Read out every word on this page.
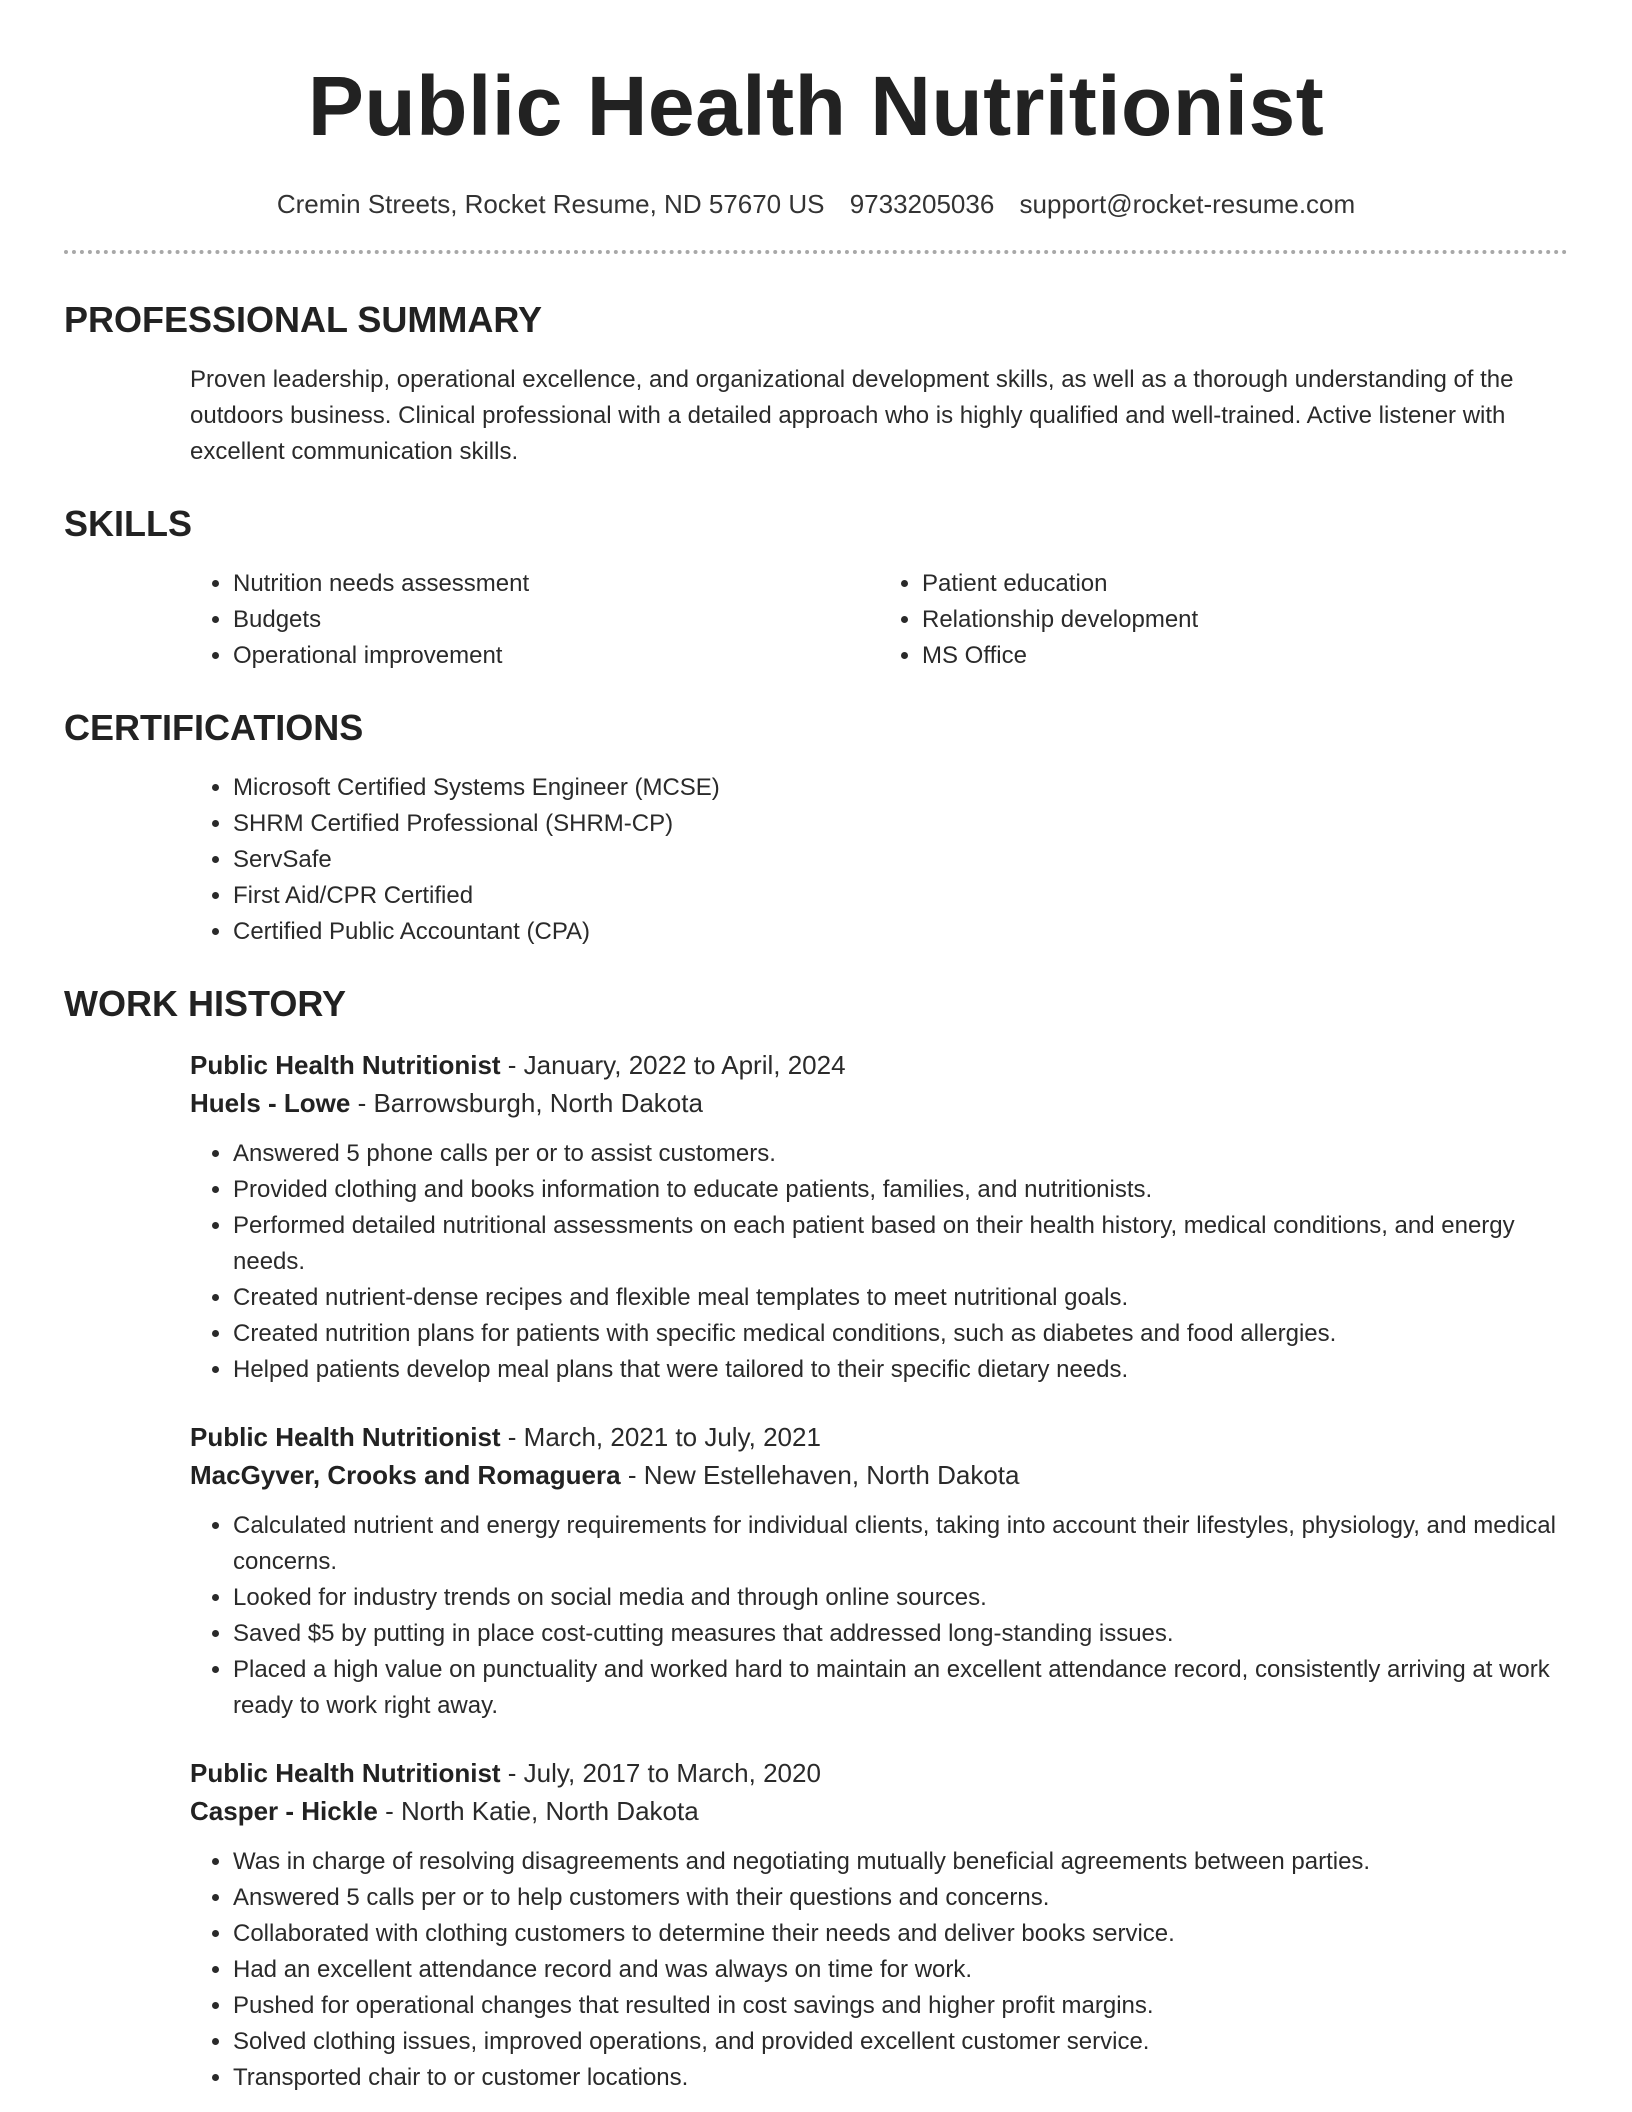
Public Health Nutritionist
Cremin Streets, Rocket Resume, ND 57670 US 9733205036 support@rocket-resume.com
PROFESSIONAL SUMMARY
Proven leadership, operational excellence, and organizational development skills, as well as a thorough understanding of the outdoors business. Clinical professional with a detailed approach who is highly qualified and well-trained. Active listener with excellent communication skills.
SKILLS
• Nutrition needs assessment
• Budgets
• Operational improvement
• Patient education
• Relationship development
• MS Office
CERTIFICATIONS
• Microsoft Certified Systems Engineer (MCSE)
• SHRM Certified Professional (SHRM-CP)
• ServSafe
• First Aid/CPR Certified
• Certified Public Accountant (CPA)
WORK HISTORY
Public Health Nutritionist - January, 2022 to April, 2024
Huels - Lowe - Barrowsburgh, North Dakota
• Answered 5 phone calls per or to assist customers.
• Provided clothing and books information to educate patients, families, and nutritionists.
• Performed detailed nutritional assessments on each patient based on their health history, medical conditions, and energy needs.
• Created nutrient-dense recipes and flexible meal templates to meet nutritional goals.
• Created nutrition plans for patients with specific medical conditions, such as diabetes and food allergies.
• Helped patients develop meal plans that were tailored to their specific dietary needs.
Public Health Nutritionist - March, 2021 to July, 2021
MacGyver, Crooks and Romaguera - New Estellehaven, North Dakota
• Calculated nutrient and energy requirements for individual clients, taking into account their lifestyles, physiology, and medical concerns.
• Looked for industry trends on social media and through online sources.
• Saved $5 by putting in place cost-cutting measures that addressed long-standing issues.
• Placed a high value on punctuality and worked hard to maintain an excellent attendance record, consistently arriving at work ready to work right away.
Public Health Nutritionist - July, 2017 to March, 2020
Casper - Hickle - North Katie, North Dakota
• Was in charge of resolving disagreements and negotiating mutually beneficial agreements between parties.
• Answered 5 calls per or to help customers with their questions and concerns.
• Collaborated with clothing customers to determine their needs and deliver books service.
• Had an excellent attendance record and was always on time for work.
• Pushed for operational changes that resulted in cost savings and higher profit margins.
• Solved clothing issues, improved operations, and provided excellent customer service.
• Transported chair to or customer locations.
